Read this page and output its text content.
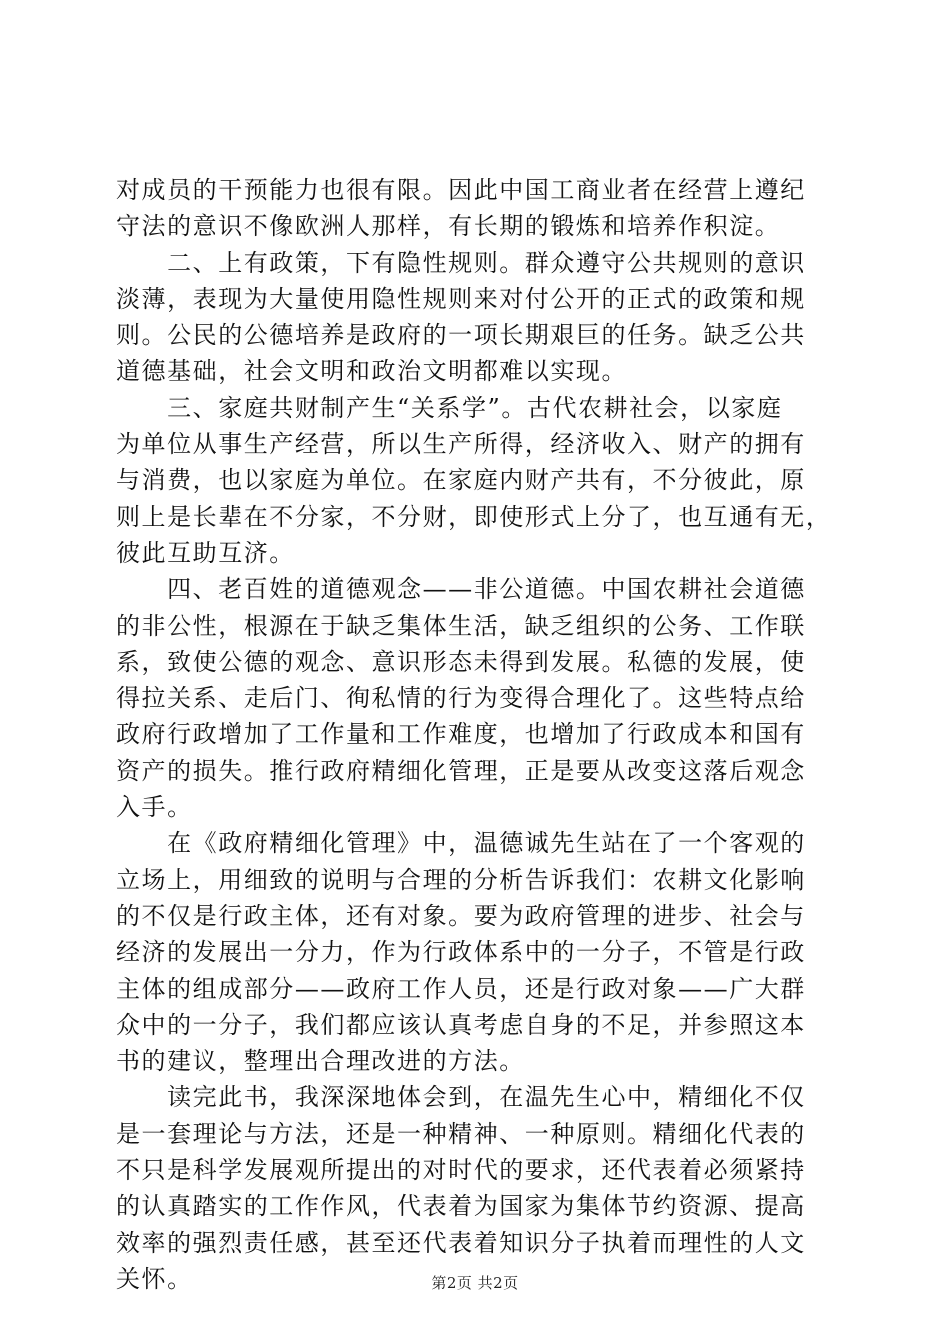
对成员的干预能力也很有限。因此中国工商业者在经营上遵纪
守法的意识不像欧洲人那样，有长期的锻炼和培养作积淀。
　　二、上有政策，下有隐性规则。群众遵守公共规则的意识
淡薄，表现为大量使用隐性规则来对付公开的正式的政策和规
则。公民的公德培养是政府的一项长期艰巨的任务。缺乏公共
道德基础，社会文明和政治文明都难以实现。
　　三、家庭共财制产生“关系学”。古代农耕社会，以家庭
为单位从事生产经营，所以生产所得，经济收入、财产的拥有
与消费，也以家庭为单位。在家庭内财产共有，不分彼此，原
则上是长辈在不分家，不分财，即使形式上分了，也互通有无，
彼此互助互济。
　　四、老百姓的道德观念——非公道德。中国农耕社会道德
的非公性，根源在于缺乏集体生活，缺乏组织的公务、工作联
系，致使公德的观念、意识形态未得到发展。私德的发展，使
得拉关系、走后门、徇私情的行为变得合理化了。这些特点给
政府行政增加了工作量和工作难度，也增加了行政成本和国有
资产的损失。推行政府精细化管理，正是要从改变这落后观念
入手。
　　在《政府精细化管理》中，温德诚先生站在了一个客观的
立场上，用细致的说明与合理的分析告诉我们：农耕文化影响
的不仅是行政主体，还有对象。要为政府管理的进步、社会与
经济的发展出一分力，作为行政体系中的一分子，不管是行政
主体的组成部分——政府工作人员，还是行政对象——广大群
众中的一分子，我们都应该认真考虑自身的不足，并参照这本
书的建议，整理出合理改进的方法。
　　读完此书，我深深地体会到，在温先生心中，精细化不仅
是一套理论与方法，还是一种精神、一种原则。精细化代表的
不只是科学发展观所提出的对时代的要求，还代表着必须紧持
的认真踏实的工作作风，代表着为国家为集体节约资源、提高
效率的强烈责任感，甚至还代表着知识分子执着而理性的人文
关怀。	第2页 共2页
